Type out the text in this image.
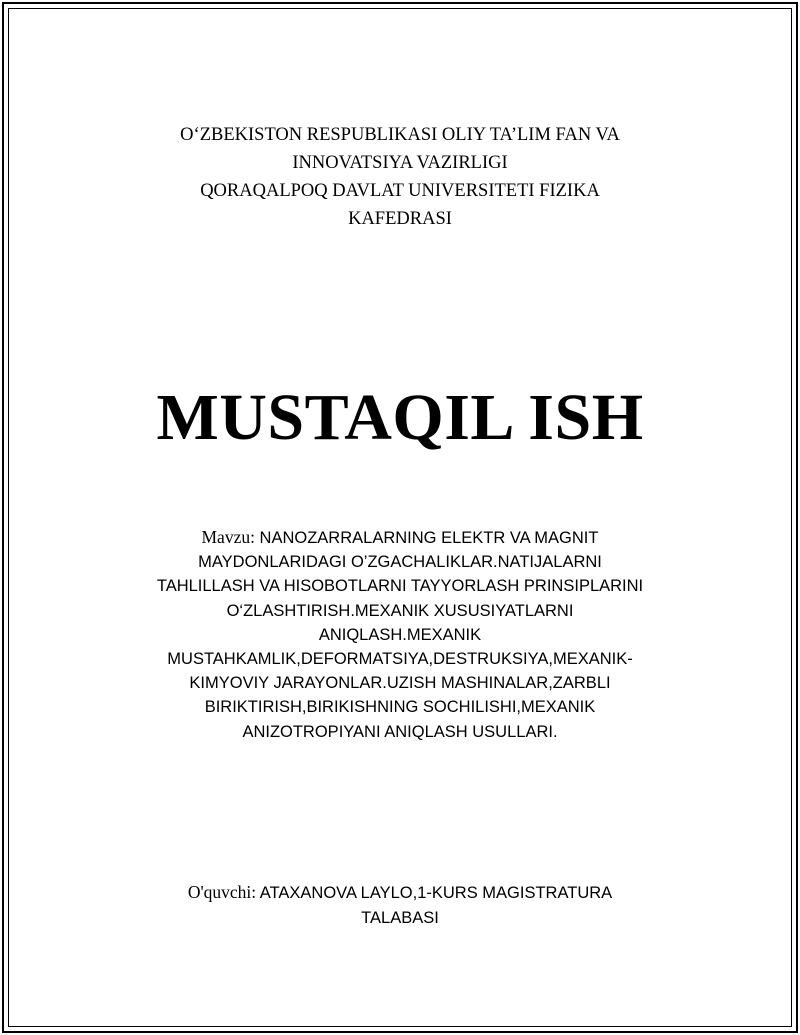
O‘ZBEKISTON RESPUBLIKASI OLIY TA’LIM FAN VA
INNOVATSIYA VAZIRLIGI
QORAQALPOQ DAVLAT UNIVERSITETI FIZIKA
KAFEDRASI
MUSTAQIL ISH
Mavzu: NANOZARRALARNING ELEKTR VA MAGNIT
MAYDONLARIDAGI O’ZGACHALIKLAR.NATIJALARNI
TAHLILLASH VA HISOBOTLARNI TAYYORLASH PRINSIPLARINI
O‘ZLASHTIRISH.MEXANIK XUSUSIYATLARNI
ANIQLASH.MEXANIK
MUSTAHKAMLIK,DEFORMATSIYA,DESTRUKSIYA,MEXANIK-
KIMYOVIY JARAYONLAR.UZISH MASHINALAR,ZARBLI
BIRIKTIRISH,BIRIKISHNING SOCHILISHI,MEXANIK
ANIZOTROPIYANI ANIQLASH USULLARI.
O'quvchi: ATAXANOVA LAYLO,1-KURS MAGISTRATURA
TALABASI
